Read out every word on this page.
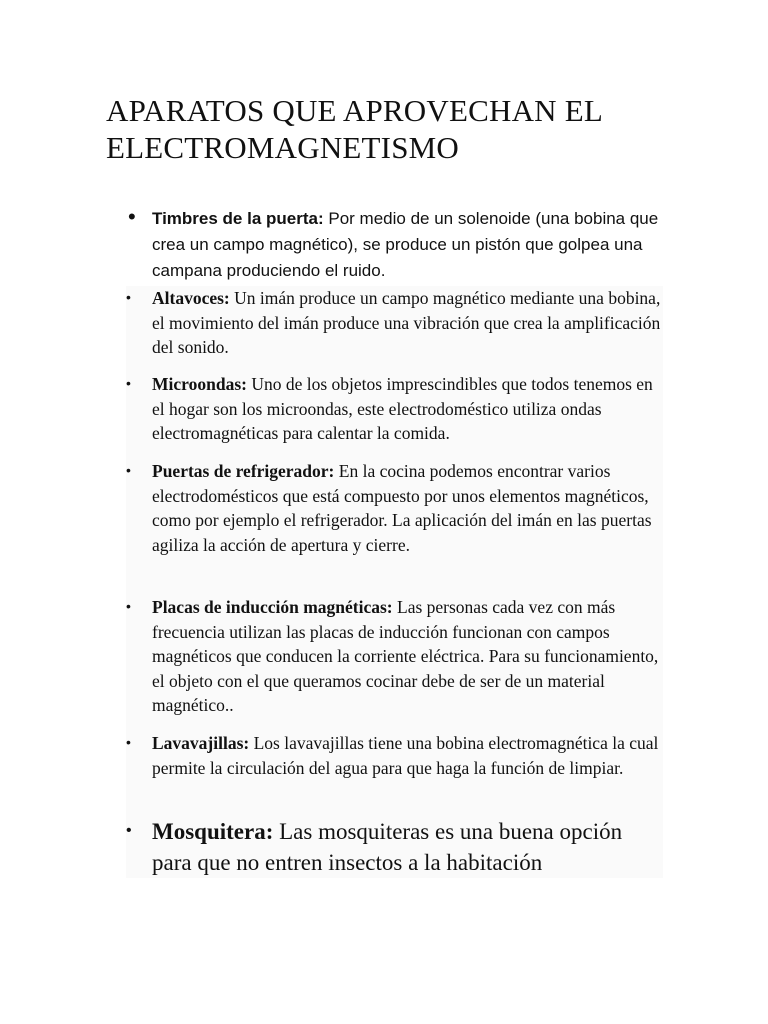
APARATOS QUE APROVECHAN EL ELECTROMAGNETISMO
• Timbres de la puerta: Por medio de un solenoide (una bobina que crea un campo magnético), se produce un pistón que golpea una campana produciendo el ruido.

• Altavoces: Un imán produce un campo magnético mediante una bobina, el movimiento del imán produce una vibración que crea la amplificación del sonido.

• Microondas: Uno de los objetos imprescindibles que todos tenemos en el hogar son los microondas, este electrodoméstico utiliza ondas electromagnéticas para calentar la comida.

• Puertas de refrigerador: En la cocina podemos encontrar varios electrodomésticos que está compuesto por unos elementos magnéticos, como por ejemplo el refrigerador. La aplicación del imán en las puertas agiliza la acción de apertura y cierre.

• Placas de inducción magnéticas: Las personas cada vez con más frecuencia utilizan las placas de inducción funcionan con campos magnéticos que conducen la corriente eléctrica. Para su funcionamiento, el objeto con el que queramos cocinar debe de ser de un material magnético..

• Lavavajillas: Los lavavajillas tiene una bobina electromagnética la cual permite la circulación del agua para que haga la función de limpiar.

• Mosquitera: Las mosquiteras es una buena opción para que no entren insectos a la habitación
